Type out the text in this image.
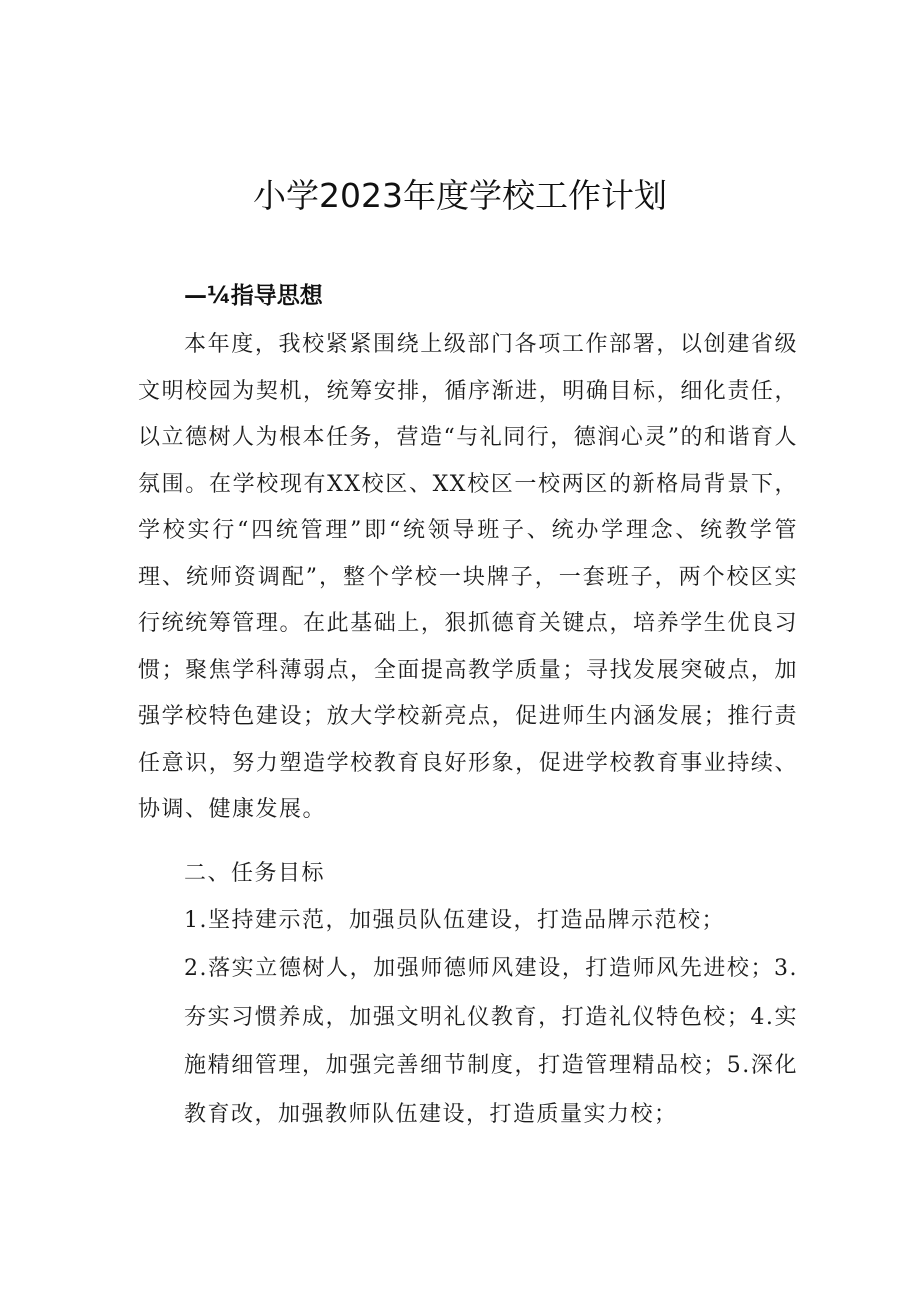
小学2023年度学校工作计划
—¼指导思想
本年度，我校紧紧围绕上级部门各项工作部署，以创建省级文明校园为契机，统筹安排，循序渐进，明确目标，细化责任，以立德树人为根本任务，营造“与礼同行，德润心灵”的和谐育人氛围。在学校现有XX校区、XX校区一校两区的新格局背景下，学校实行“四统管理”即“统领导班子、统办学理念、统教学管理、统师资调配”，整个学校一块牌子，一套班子，两个校区实行统统筹管理。在此基础上，狠抓德育关键点，培养学生优良习惯；聚焦学科薄弱点，全面提高教学质量；寻找发展突破点，加强学校特色建设；放大学校新亮点，促进师生内涵发展；推行责任意识，努力塑造学校教育良好形象，促进学校教育事业持续、协调、健康发展。
二、任务目标
1.坚持建示范，加强员队伍建设，打造品牌示范校；
2.落实立德树人，加强师德师风建设，打造师风先进校；3.夯实习惯养成，加强文明礼仪教育，打造礼仪特色校；4.实施精细管理，加强完善细节制度，打造管理精品校；5.深化教育改，加强教师队伍建设，打造质量实力校；
